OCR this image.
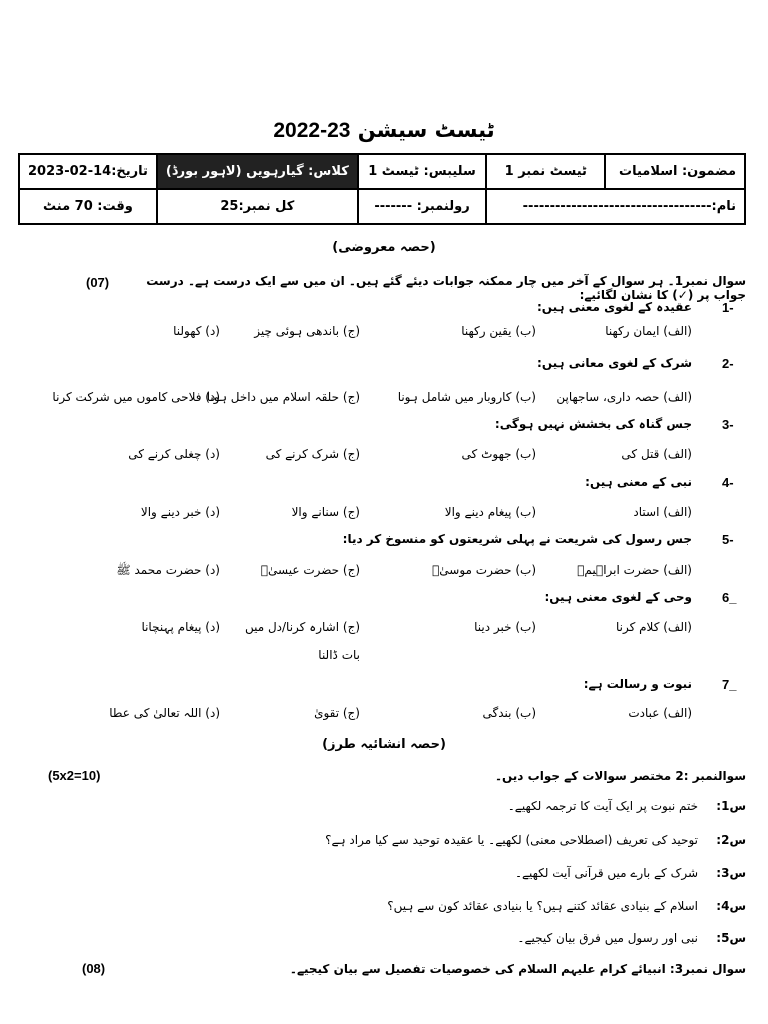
2022-23 ٹیسٹ سیشن
مضمون: اسلامیات	ٹیسٹ نمبر 1	سلیبس: ٹیسٹ 1	کلاس: گیارہویں (لاہور بورڈ)	تاریخ:14-02-2023
نام:-----------------------------------		رولنمبر: -------	کل نمبر:25	وقت: 70 منٹ
(حصہ معروضی)
سوال نمبر1۔ ہر سوال کے آخر میں چار ممکنہ جوابات دیئے گئے ہیں۔ ان میں سے ایک درست ہے۔ درست جواب پر (✓) کا نشان لگائیے:
(07)
1-
عقیدہ کے لغوی معنی ہیں:
(الف) ایمان رکھنا
(ب) یقین رکھنا
(ج) باندھی ہوئی چیز
(د) کھولنا
2-
شرک کے لغوی معانی ہیں:
(الف) حصہ داری، ساجھاپن
(ب) کاروبار میں شامل ہونا
(ج) حلقہ اسلام میں داخل ہونا
(د) فلاحی کاموں میں شرکت کرنا
3-
جس گناہ کی بخشش نہیں ہوگی:
(الف) قتل کی
(ب) جھوٹ کی
(ج) شرک کرنے کی
(د) چغلی کرنے کی
4-
نبی کے معنی ہیں:
(الف) استاد
(ب) پیغام دینے والا
(ج) سنانے والا
(د) خبر دینے والا
5-
جس رسول کی شریعت نے پہلی شریعتوں کو منسوخ کر دیا:
(الف) حضرت ابراہیمؑ
(ب) حضرت موسیٰؑ
(ج) حضرت عیسیٰؑ
(د) حضرت محمد ﷺ
6_
وحی کے لغوی معنی ہیں:
(الف) کلام کرنا
(ب) خبر دینا
(ج) اشارہ کرنا/دل میں
(د) پیغام پہنچانا
بات ڈالنا
7_
نبوت و رسالت ہے:
(الف) عبادت
(ب) بندگی
(ج) تقویٰ
(د) اللہ تعالیٰ کی عطا
(حصہ انشائیہ طرز)
سوالنمبر :2 مختصر سوالات کے جواب دیں۔
(5x2=10)
س1:
ختم نبوت پر ایک آیت کا ترجمہ لکھیے۔
س2:
توحید کی تعریف (اصطلاحی معنی) لکھیے۔ یا عقیدہ توحید سے کیا مراد ہے؟
س3:
شرک کے بارے میں قرآنی آیت لکھیے۔
س4:
اسلام کے بنیادی عقائد کتنے ہیں؟ یا بنیادی عقائد کون سے ہیں؟
س5:
نبی اور رسول میں فرق بیان کیجیے۔
سوال نمبر3: انبیائے کرام علیہم السلام کی خصوصیات تفصیل سے بیان کیجیے۔
(08)
